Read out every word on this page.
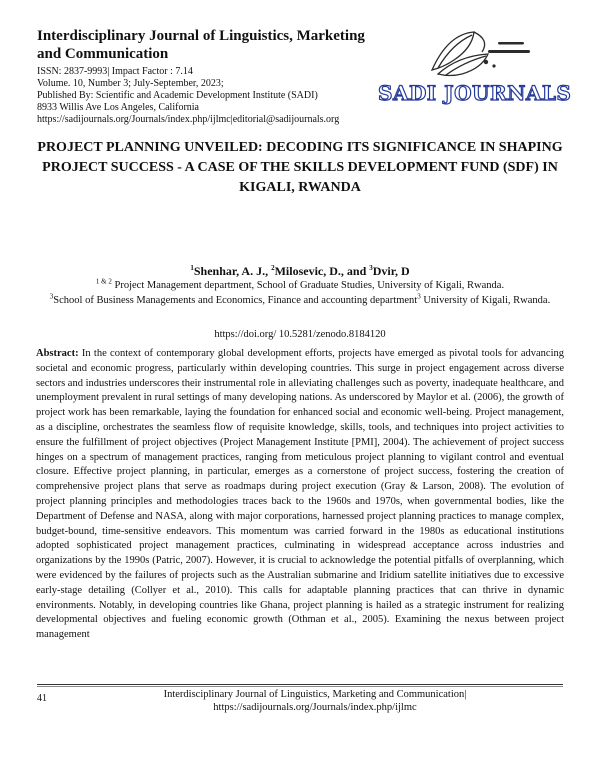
Interdisciplinary Journal of Linguistics, Marketing and Communication
ISSN: 2837-9993| Impact Factor : 7.14
Volume. 10, Number 3; July-September, 2023;
Published By: Scientific and Academic Development Institute (SADI)
8933 Willis Ave Los Angeles, California
https://sadijournals.org/Journals/index.php/ijlmc|editorial@sadijournals.org
SADI JOURNALS
PROJECT PLANNING UNVEILED: DECODING ITS SIGNIFICANCE IN SHAPING PROJECT SUCCESS - A CASE OF THE SKILLS DEVELOPMENT FUND (SDF) IN KIGALI, RWANDA
$^1$Shenhar, A. J., $^2$Milosevic, D., and $^3$Dvir, D
$^{1 \& 2}$ Project Management department, School of Graduate Studies, University of Kigali, Rwanda.
$^3$School of Business Managements and Economics, Finance and accounting department$^3$ University of Kigali, Rwanda.
https://doi.org/ 10.5281/zenodo.8184120
Abstract: In the context of contemporary global development efforts, projects have emerged as pivotal tools for advancing societal and economic progress, particularly within developing countries. This surge in project engagement across diverse sectors and industries underscores their instrumental role in alleviating challenges such as poverty, inadequate healthcare, and unemployment prevalent in rural settings of many developing nations. As underscored by Maylor et al. (2006), the growth of project work has been remarkable, laying the foundation for enhanced social and economic well-being. Project management, as a discipline, orchestrates the seamless flow of requisite knowledge, skills, tools, and techniques into project activities to ensure the fulfillment of project objectives (Project Management Institute [PMI], 2004). The achievement of project success hinges on a spectrum of management practices, ranging from meticulous project planning to vigilant control and eventual closure. Effective project planning, in particular, emerges as a cornerstone of project success, fostering the creation of comprehensive project plans that serve as roadmaps during project execution (Gray & Larson, 2008). The evolution of project planning principles and methodologies traces back to the 1960s and 1970s, when governmental bodies, like the Department of Defense and NASA, along with major corporations, harnessed project planning practices to manage complex, budget-bound, time-sensitive endeavors. This momentum was carried forward in the 1980s as educational institutions adopted sophisticated project management practices, culminating in widespread acceptance across industries and organizations by the 1990s (Patric, 2007). However, it is crucial to acknowledge the potential pitfalls of overplanning, which were evidenced by the failures of projects such as the Australian submarine and Iridium satellite initiatives due to excessive early-stage detailing (Collyer et al., 2010). This calls for adaptable planning practices that can thrive in dynamic environments. Notably, in developing countries like Ghana, project planning is hailed as a strategic instrument for realizing developmental objectives and fueling economic growth (Othman et al., 2005). Examining the nexus between project management
41	Interdisciplinary Journal of Linguistics, Marketing and Communication|
https://sadijournals.org/Journals/index.php/ijlmc
